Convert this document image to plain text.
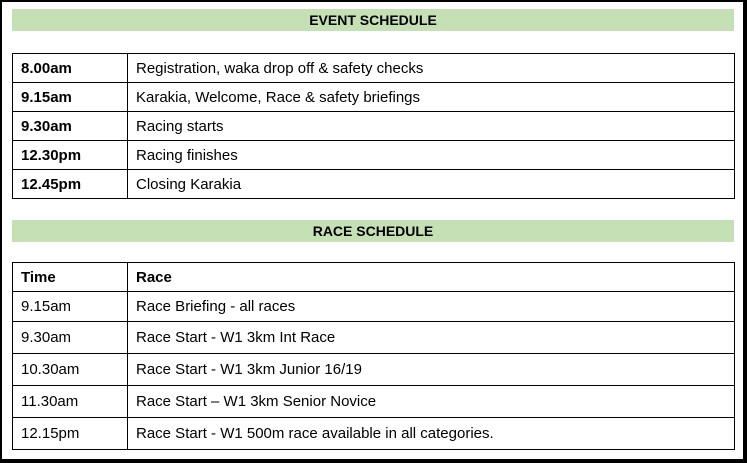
EVENT SCHEDULE
8.00am	Registration, waka drop off & safety checks
9.15am	Karakia, Welcome, Race & safety briefings
9.30am	Racing starts
12.30pm	Racing finishes
12.45pm	Closing Karakia
RACE SCHEDULE
Time	Race
9.15am	Race Briefing - all races
9.30am	Race Start - W1 3km Int Race
10.30am	Race Start - W1 3km Junior 16/19
11.30am	Race Start – W1 3km Senior Novice
12.15pm	Race Start - W1 500m race available in all categories.
